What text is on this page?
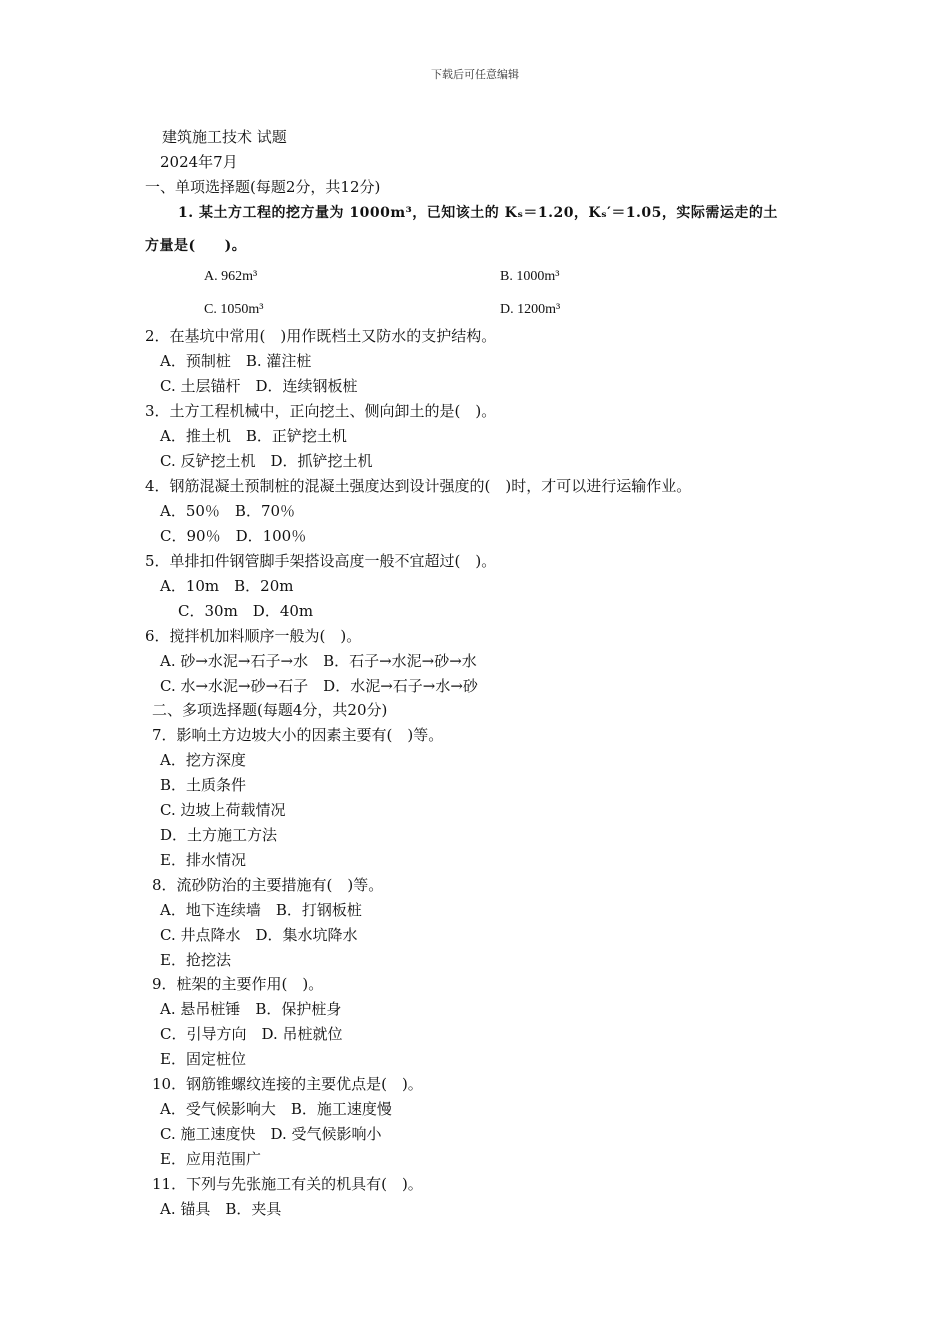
下载后可任意编辑
建筑施工技术 试题
2024年7月
一、单项选择题(每题2分，共12分)
1. 某土方工程的挖方量为 1000m³，已知该土的 Kₛ＝1.20，Kₛ′＝1.05，实际需运走的土
方量是(　　)。
A. 962m³	B. 1000m³
C. 1050m³	D. 1200m³
2．在基坑中常用(　)用作既档土又防水的支护结构。
A．预制桩　B. 灌注桩
C. 土层锚杆　D．连续钢板桩
3．土方工程机械中，正向挖土、侧向卸土的是(　)。
A．推土机　B．正铲挖土机
C. 反铲挖土机　D．抓铲挖土机
4．钢筋混凝土预制桩的混凝土强度达到设计强度的(　)时，才可以进行运输作业。
A．50％　B．70％
C．90％　D．100％
5．单排扣件钢管脚手架搭设高度一般不宜超过(　)。
A．10m　B．20m
C．30m　D．40m
6．搅拌机加料顺序一般为(　)。
A. 砂→水泥→石子→水　B．石子→水泥→砂→水
C. 水→水泥→砂→石子　D．水泥→石子→水→砂
二、多项选择题(每题4分，共20分)
7．影响土方边坡大小的因素主要有(　)等。
A．挖方深度
B．土质条件
C. 边坡上荷载情况
D．土方施工方法
E．排水情况
8．流砂防治的主要措施有(　)等。
A．地下连续墙　B．打钢板桩
C. 井点降水　D．集水坑降水
E．抢挖法
9．桩架的主要作用(　)。
A. 悬吊桩锤　B．保护桩身
C．引导方向　D. 吊桩就位
E．固定桩位
10．钢筋锥螺纹连接的主要优点是(　)。
A．受气候影响大　B．施工速度慢
C. 施工速度快　D. 受气候影响小
E．应用范围广
11．下列与先张施工有关的机具有(　)。
A. 锚具　B．夹具
